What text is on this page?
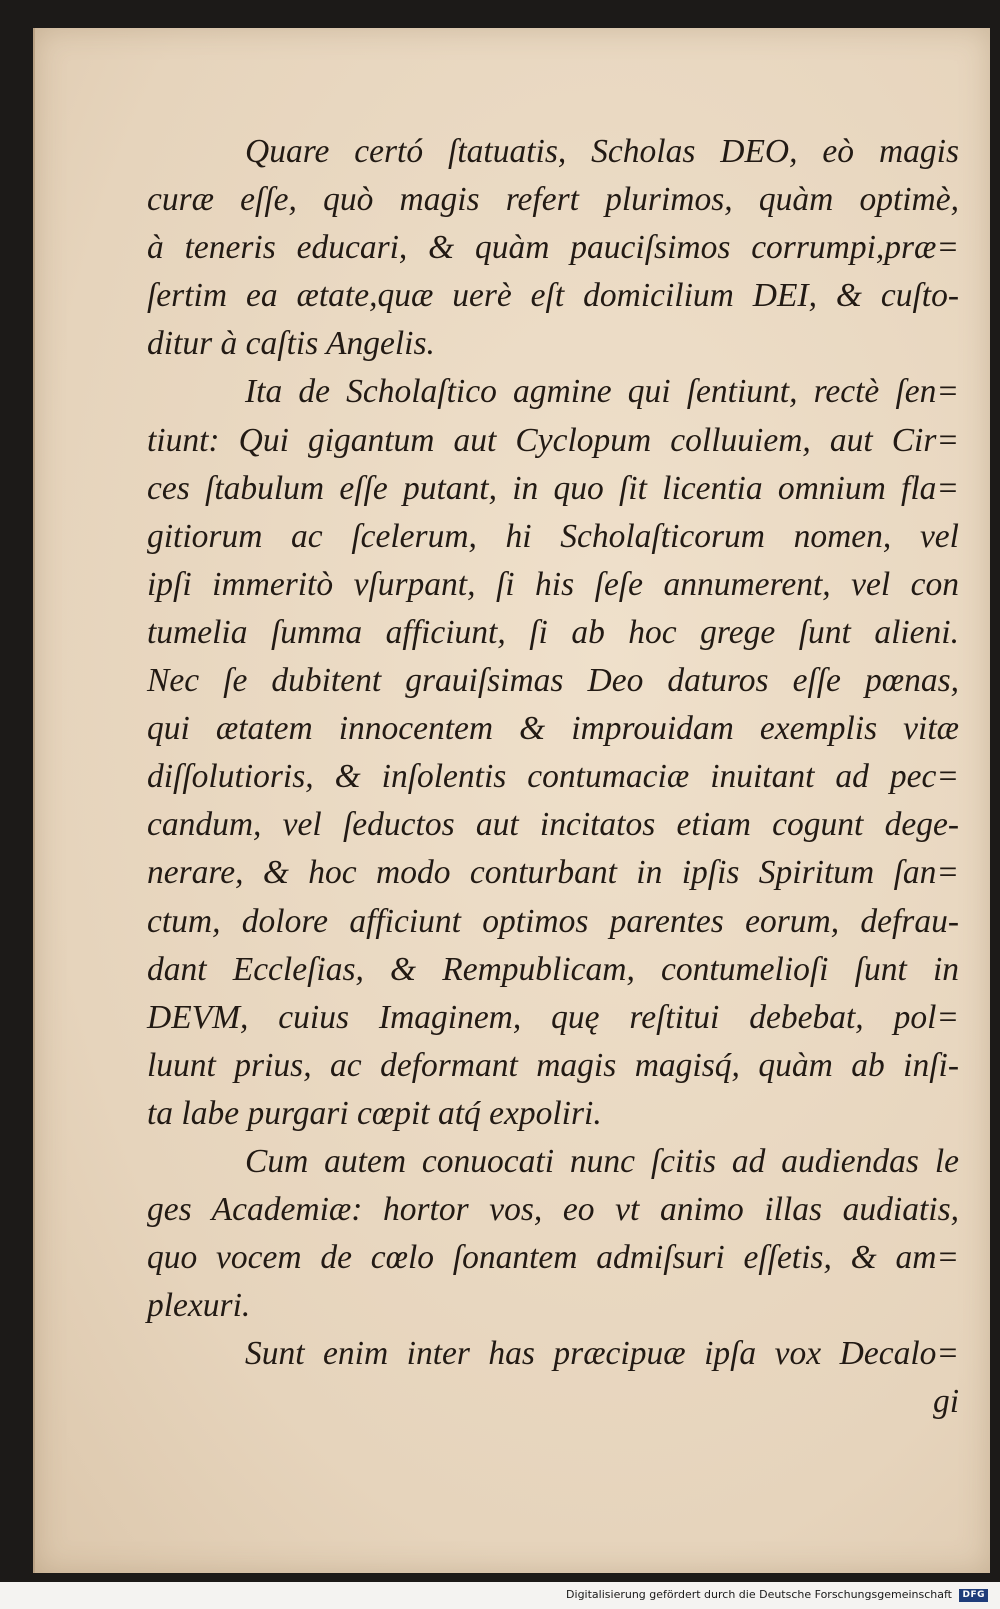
Quare certó ſtatuatis, Scholas DEO, eò magis
curæ eſſe, quò magis refert plurimos, quàm optimè,
à teneris educari, & quàm pauciſsimos corrumpi,præ=
ſertim ea ætate,quæ uerè eſt domicilium DEI, & cuſto-
ditur à caſtis Angelis.
Ita de Scholaſtico agmine qui ſentiunt, rectè ſen=
tiunt: Qui gigantum aut Cyclopum colluuiem, aut Cir=
ces ſtabulum eſſe putant, in quo ſit licentia omnium fla=
gitiorum ac ſcelerum, hi Scholaſticorum nomen, vel
ipſi immeritò vſurpant, ſi his ſeſe annumerent, vel con
tumelia ſumma afficiunt, ſi ab hoc grege ſunt alieni.
Nec ſe dubitent grauiſsimas Deo daturos eſſe pœnas,
qui ætatem innocentem & improuidam exemplis vitæ
diſſolutioris, & inſolentis contumaciæ inuitant ad pec=
candum, vel ſeductos aut incitatos etiam cogunt dege-
nerare, & hoc modo conturbant in ipſis Spiritum ſan=
ctum, dolore afficiunt optimos parentes eorum, defrau-
dant Eccleſias, & Rempublicam, contumelioſi ſunt in
DEVM, cuius Imaginem, quę reſtitui debebat, pol=
luunt prius, ac deformant magis magisq́, quàm ab inſi-
ta labe purgari cœpit atq́ expoliri.
Cum autem conuocati nunc ſcitis ad audiendas le
ges Academiæ: hortor vos, eo vt animo illas audiatis,
quo vocem de cœlo ſonantem admiſsuri eſſetis, & am=
plexuri.
Sunt enim inter has præcipuæ ipſa vox Decalo=
gi
Digitalisierung gefördert durch die Deutsche Forschungsgemeinschaft DFG
